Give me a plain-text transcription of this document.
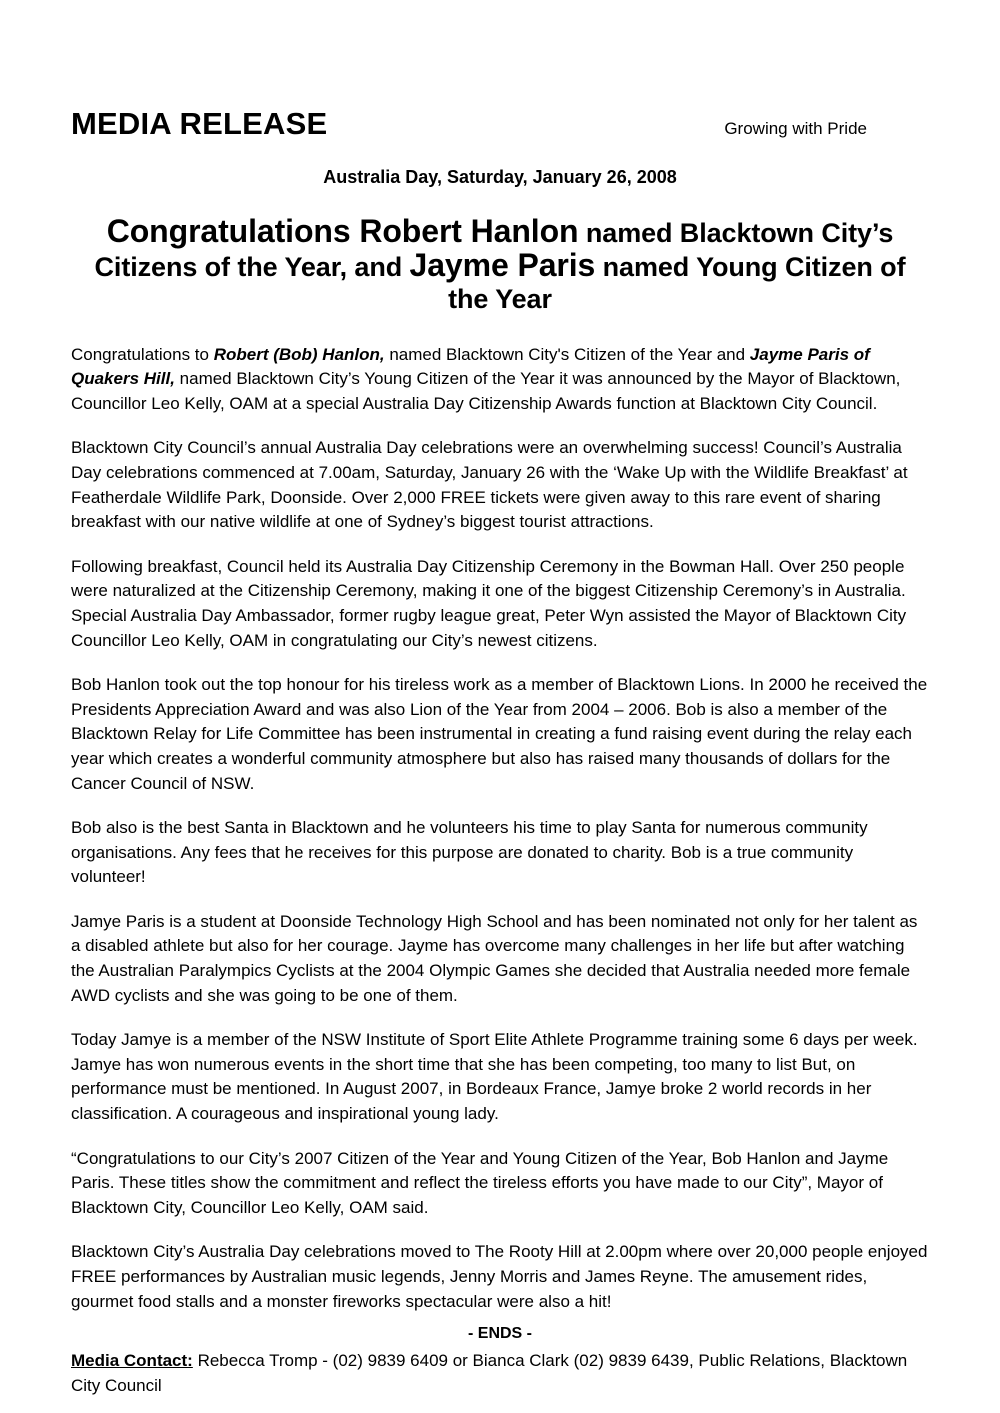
MEDIA RELEASE	Growing with Pride
Australia Day, Saturday, January 26, 2008
Congratulations Robert Hanlon named Blacktown City’s Citizens of the Year, and Jayme Paris named Young Citizen of the Year

Congratulations to Robert (Bob) Hanlon, named Blacktown City's Citizen of the Year and Jayme Paris of Quakers Hill, named Blacktown City’s Young Citizen of the Year it was announced by the Mayor of Blacktown, Councillor Leo Kelly, OAM at a special Australia Day Citizenship Awards function at Blacktown City Council.

Blacktown City Council’s annual Australia Day celebrations were an overwhelming success! Council’s Australia Day celebrations commenced at 7.00am, Saturday, January 26 with the ‘Wake Up with the Wildlife Breakfast’ at Featherdale Wildlife Park, Doonside. Over 2,000 FREE tickets were given away to this rare event of sharing breakfast with our native wildlife at one of Sydney’s biggest tourist attractions.

Following breakfast, Council held its Australia Day Citizenship Ceremony in the Bowman Hall. Over 250 people were naturalized at the Citizenship Ceremony, making it one of the biggest Citizenship Ceremony’s in Australia. Special Australia Day Ambassador, former rugby league great, Peter Wyn assisted the Mayor of Blacktown City Councillor Leo Kelly, OAM in congratulating our City’s newest citizens.

Bob Hanlon took out the top honour for his tireless work as a member of Blacktown Lions. In 2000 he received the Presidents Appreciation Award and was also Lion of the Year from 2004 – 2006. Bob is also a member of the Blacktown Relay for Life Committee has been instrumental in creating a fund raising event during the relay each year which creates a wonderful community atmosphere but also has raised many thousands of dollars for the Cancer Council of NSW.

Bob also is the best Santa in Blacktown and he volunteers his time to play Santa for numerous community organisations. Any fees that he receives for this purpose are donated to charity. Bob is a true community volunteer!

Jamye Paris is a student at Doonside Technology High School and has been nominated not only for her talent as a disabled athlete but also for her courage. Jayme has overcome many challenges in her life but after watching the Australian Paralympics Cyclists at the 2004 Olympic Games she decided that Australia needed more female AWD cyclists and she was going to be one of them.

Today Jamye is a member of the NSW Institute of Sport Elite Athlete Programme training some 6 days per week. Jamye has won numerous events in the short time that she has been competing, too many to list But, on performance must be mentioned. In August 2007, in Bordeaux France, Jamye broke 2 world records in her classification. A courageous and inspirational young lady.

“Congratulations to our City’s 2007 Citizen of the Year and Young Citizen of the Year, Bob Hanlon and Jayme Paris. These titles show the commitment and reflect the tireless efforts you have made to our City”, Mayor of Blacktown City, Councillor Leo Kelly, OAM said.

Blacktown City’s Australia Day celebrations moved to The Rooty Hill at 2.00pm where over 20,000 people enjoyed FREE performances by Australian music legends, Jenny Morris and James Reyne. The amusement rides, gourmet food stalls and a monster fireworks spectacular were also a hit!

- ENDS -
Media Contact: Rebecca Tromp - (02) 9839 6409 or Bianca Clark (02) 9839 6439, Public Relations, Blacktown City Council
